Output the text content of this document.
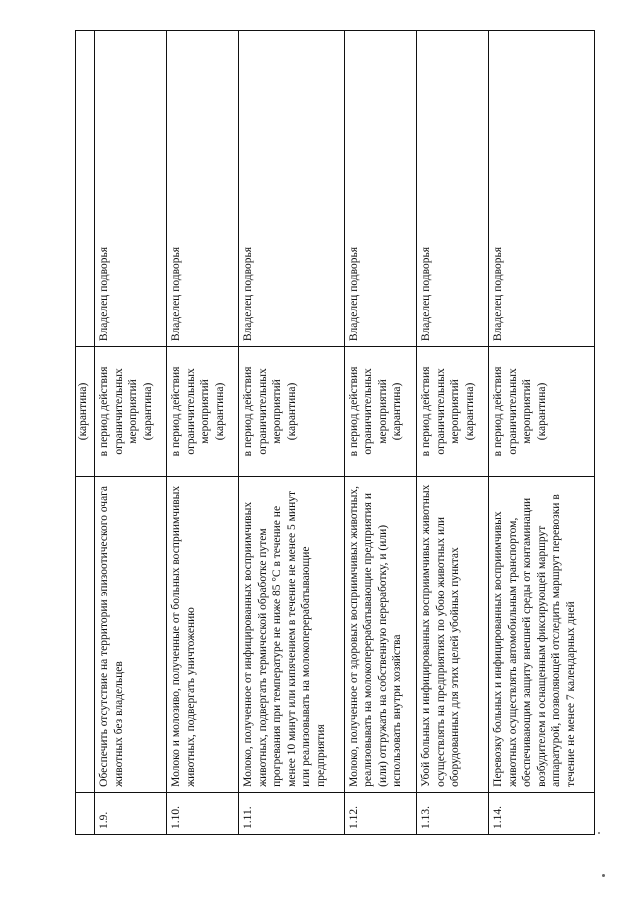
		(карантина)	
1.9.	Обеспечить отсутствие на территории эпизоотического очага животных без владельцев	в период действия ограничительных мероприятий (карантина)	Владелец подворья
1.10.	Молоко и молозиво, полученные от больных восприимчивых животных, подвергать уничтожению	в период действия ограничительных мероприятий (карантина)	Владелец подворья
1.11.	Молоко, полученное от инфицированных восприимчивых животных, подвергать термической обработке путем прогревания при температуре не ниже 85 °С в течение не менее 10 минут или кипячением в течение не менее 5 минут или реализовывать на молокоперерабатывающие предприятия	в период действия ограничительных мероприятий (карантина)	Владелец подворья
1.12.	Молоко, полученное от здоровых восприимчивых животных, реализовывать на молокоперерабатывающие предприятия и (или) отгружать на собственную переработку, и (или) использовать внутри хозяйства	в период действия ограничительных мероприятий (карантина)	Владелец подворья
1.13.	Убой больных и инфицированных восприимчивых животных осуществлять на предприятиях по убою животных или оборудованных для этих целей убойных пунктах	в период действия ограничительных мероприятий (карантина)	Владелец подворья
1.14.	Перевозку больных и инфицированных восприимчивых животных осуществлять автомобильным транспортом, обеспечивающим защиту внешней среды от контаминации возбудителем и оснащенным фиксирующей маршрут аппаратурой, позволяющей отследить маршрут перевозки в течение не менее 7 календарных дней	в период действия ограничительных мероприятий (карантина)	Владелец подворья
